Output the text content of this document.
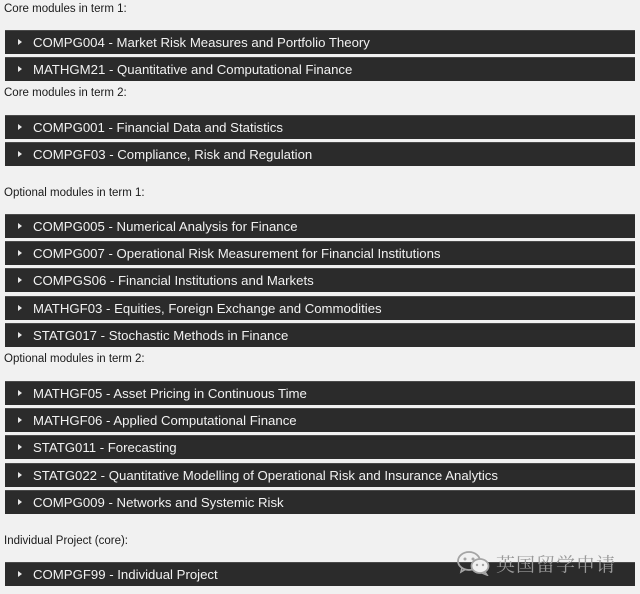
Core modules in term 1:
COMPG004 - Market Risk Measures and Portfolio Theory
MATHGM21 - Quantitative and Computational Finance
Core modules in term 2:
COMPG001 - Financial Data and Statistics
COMPGF03 - Compliance, Risk and Regulation
Optional modules in term 1:
COMPG005 - Numerical Analysis for Finance
COMPG007 - Operational Risk Measurement for Financial Institutions
COMPGS06 - Financial Institutions and Markets
MATHGF03 - Equities, Foreign Exchange and Commodities
STATG017 - Stochastic Methods in Finance
Optional modules in term 2:
MATHGF05 - Asset Pricing in Continuous Time
MATHGF06 - Applied Computational Finance
STATG011 - Forecasting
STATG022 - Quantitative Modelling of Operational Risk and Insurance Analytics
COMPG009 - Networks and Systemic Risk
Individual Project (core):
COMPGF99 - Individual Project	英国留学申请
